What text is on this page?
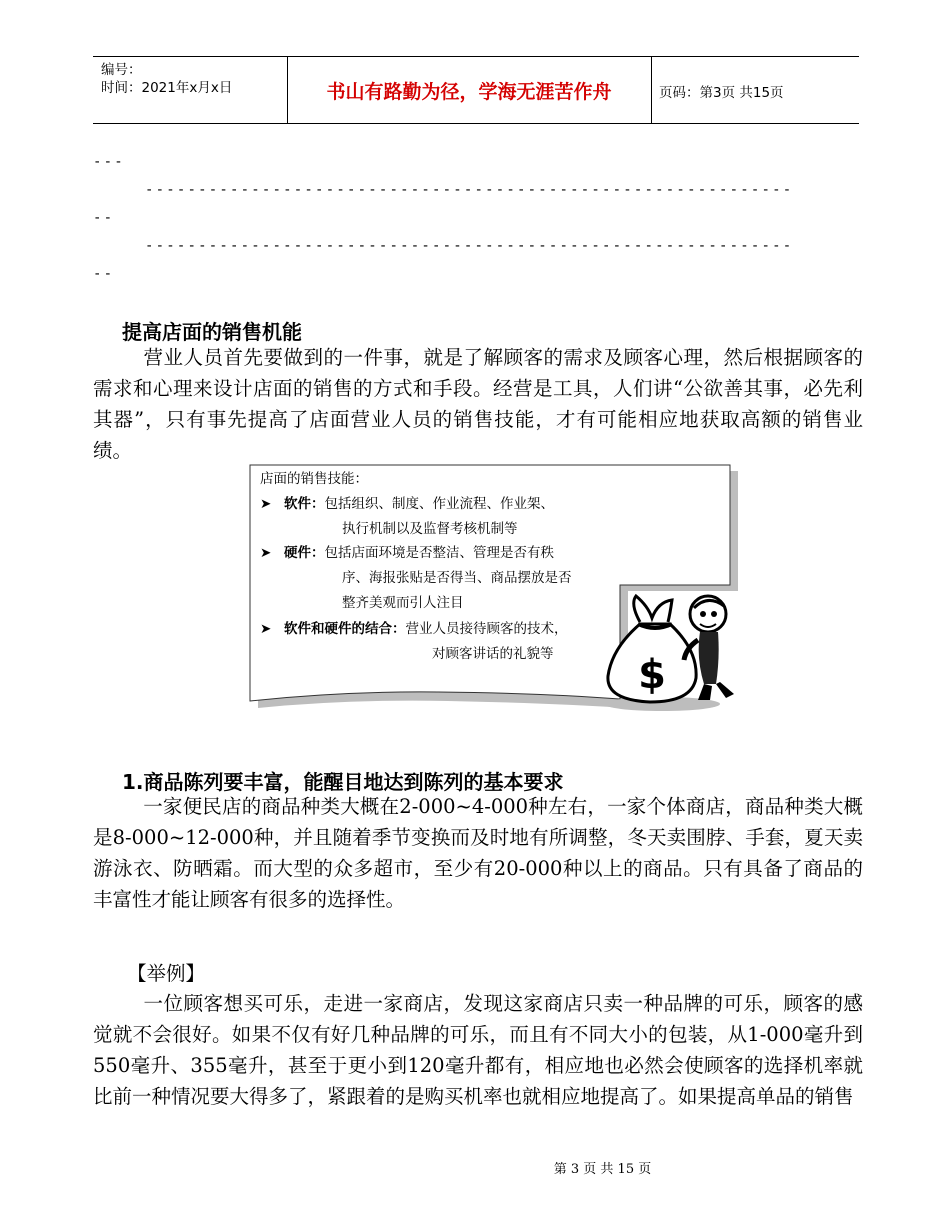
编号：
时间：2021年x月x日	书山有路勤为径，学海无涯苦作舟	页码：第3页 共15页
---
-------------------------------------------------------------
--
-------------------------------------------------------------
--
提高店面的销售机能

营业人员首先要做到的一件事，就是了解顾客的需求及顾客心理，然后根据顾客的需求和心理来设计店面的销售的方式和手段。经营是工具，人们讲“公欲善其事，必先利其器”，只有事先提高了店面营业人员的销售技能，才有可能相应地获取高额的销售业绩。

店面的销售技能：
➤ 软件：包括组织、制度、作业流程、作业架、
执行机制以及监督考核机制等
➤ 硬件：包括店面环境是否整洁、管理是否有秩
序、海报张贴是否得当、商品摆放是否
整齐美观而引人注目
➤ 软件和硬件的结合：营业人员接待顾客的技术，
对顾客讲话的礼貌等	$
1.商品陈列要丰富，能醒目地达到陈列的基本要求

一家便民店的商品种类大概在2-000~4-000种左右，一家个体商店，商品种类大概是8-000~12-000种，并且随着季节变换而及时地有所调整，冬天卖围脖、手套，夏天卖游泳衣、防晒霜。而大型的众多超市，至少有20-000种以上的商品。只有具备了商品的丰富性才能让顾客有很多的选择性。

【举例】

一位顾客想买可乐，走进一家商店，发现这家商店只卖一种品牌的可乐，顾客的感觉就不会很好。如果不仅有好几种品牌的可乐，而且有不同大小的包装，从1-000毫升到550毫升、355毫升，甚至于更小到120毫升都有，相应地也必然会使顾客的选择机率就比前一种情况要大得多了，紧跟着的是购买机率也就相应地提高了。如果提高单品的销售

第 3 页 共 15 页
